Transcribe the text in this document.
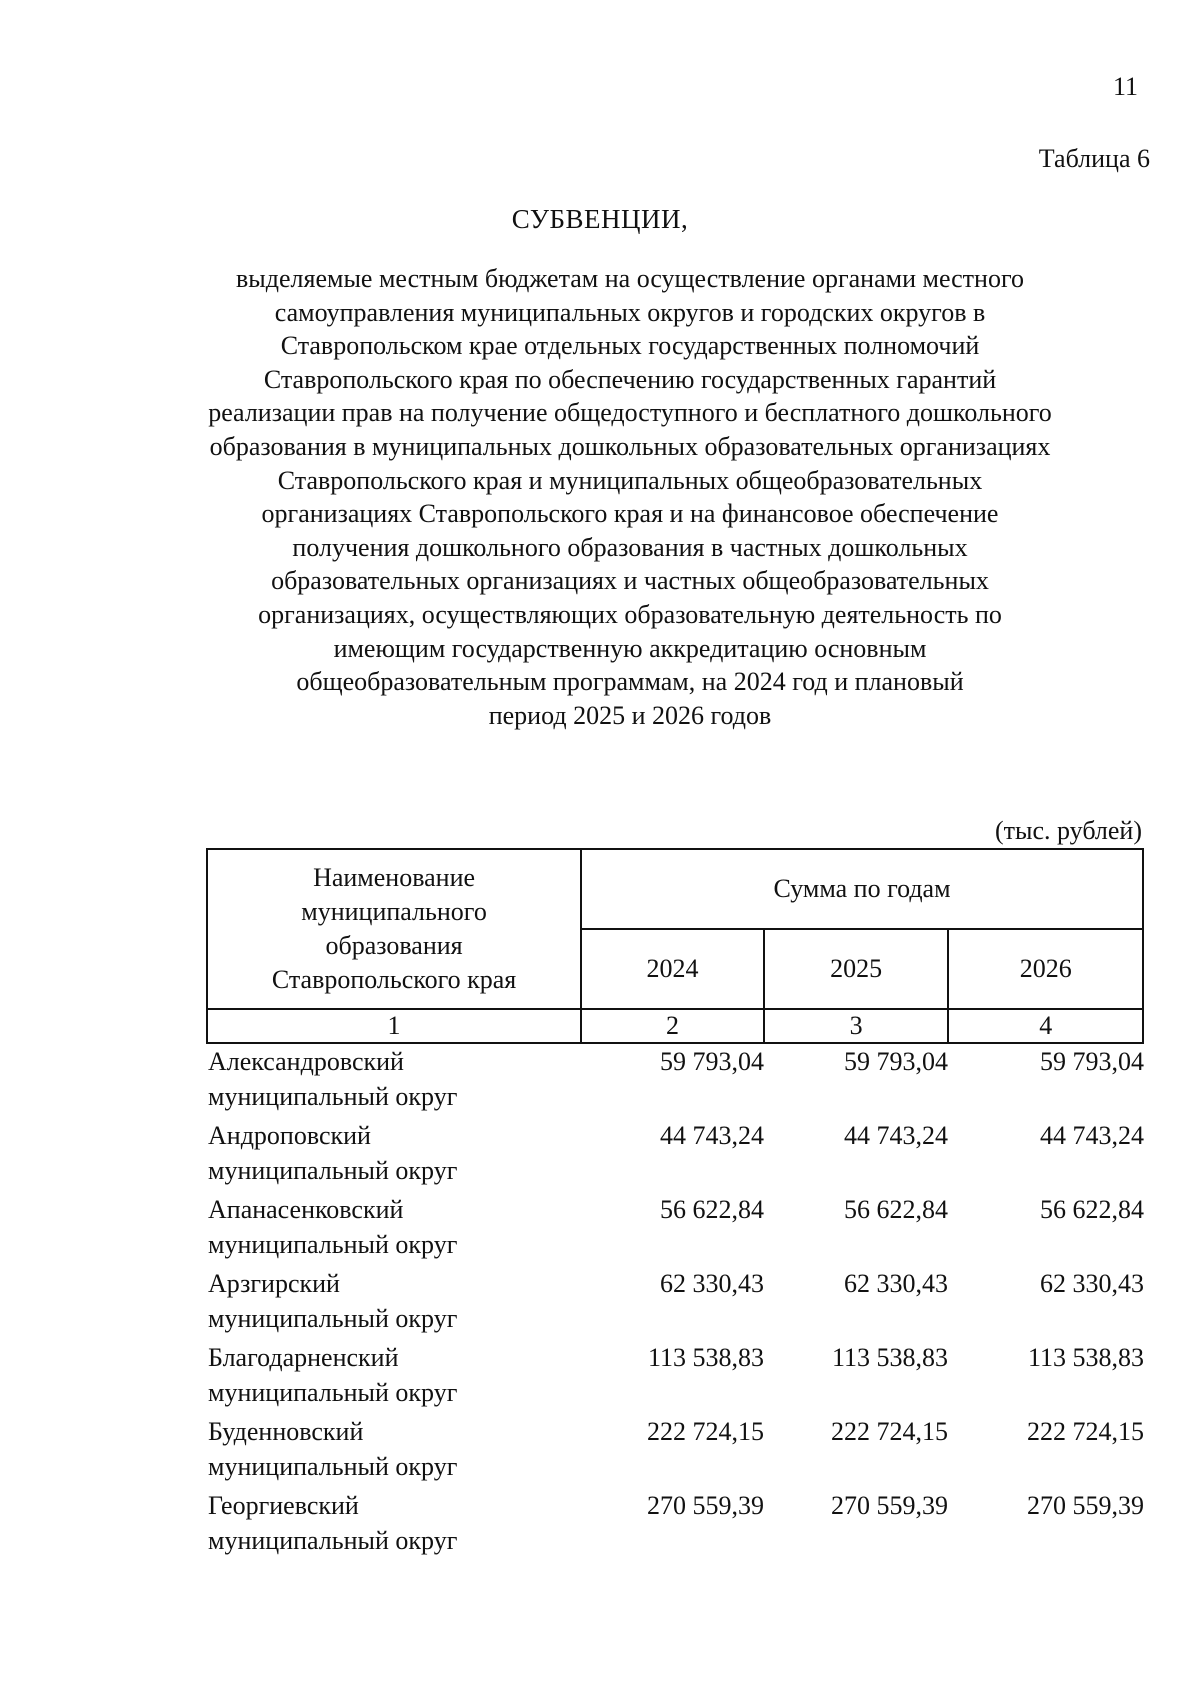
11
Таблица 6
СУБВЕНЦИИ,
выделяемые местным бюджетам на осуществление органами местного
самоуправления муниципальных округов и городских округов в
Ставропольском крае отдельных государственных полномочий
Ставропольского края по обеспечению государственных гарантий
реализации прав на получение общедоступного и бесплатного дошкольного
образования в муниципальных дошкольных образовательных организациях
Ставропольского края и муниципальных общеобразовательных
организациях Ставропольского края и на финансовое обеспечение
получения дошкольного образования в частных дошкольных
образовательных организациях и частных общеобразовательных
организациях, осуществляющих образовательную деятельность по
имеющим государственную аккредитацию основным
общеобразовательным программам, на 2024 год и плановый
период 2025 и 2026 годов
(тыс. рублей)
Наименование
муниципального
образования
Ставропольского края	Сумма по годам		
	2024	2025	2026
1	2	3	4
Александровский
муниципальный округ
59 793,04	59 793,04	59 793,04
Андроповский
муниципальный округ
44 743,24	44 743,24	44 743,24
Апанасенковский
муниципальный округ
56 622,84	56 622,84	56 622,84
Арзгирский
муниципальный округ
62 330,43	62 330,43	62 330,43
Благодарненский
муниципальный округ
113 538,83	113 538,83	113 538,83
Буденновский
муниципальный округ
222 724,15	222 724,15	222 724,15
Георгиевский
муниципальный округ
270 559,39	270 559,39	270 559,39
